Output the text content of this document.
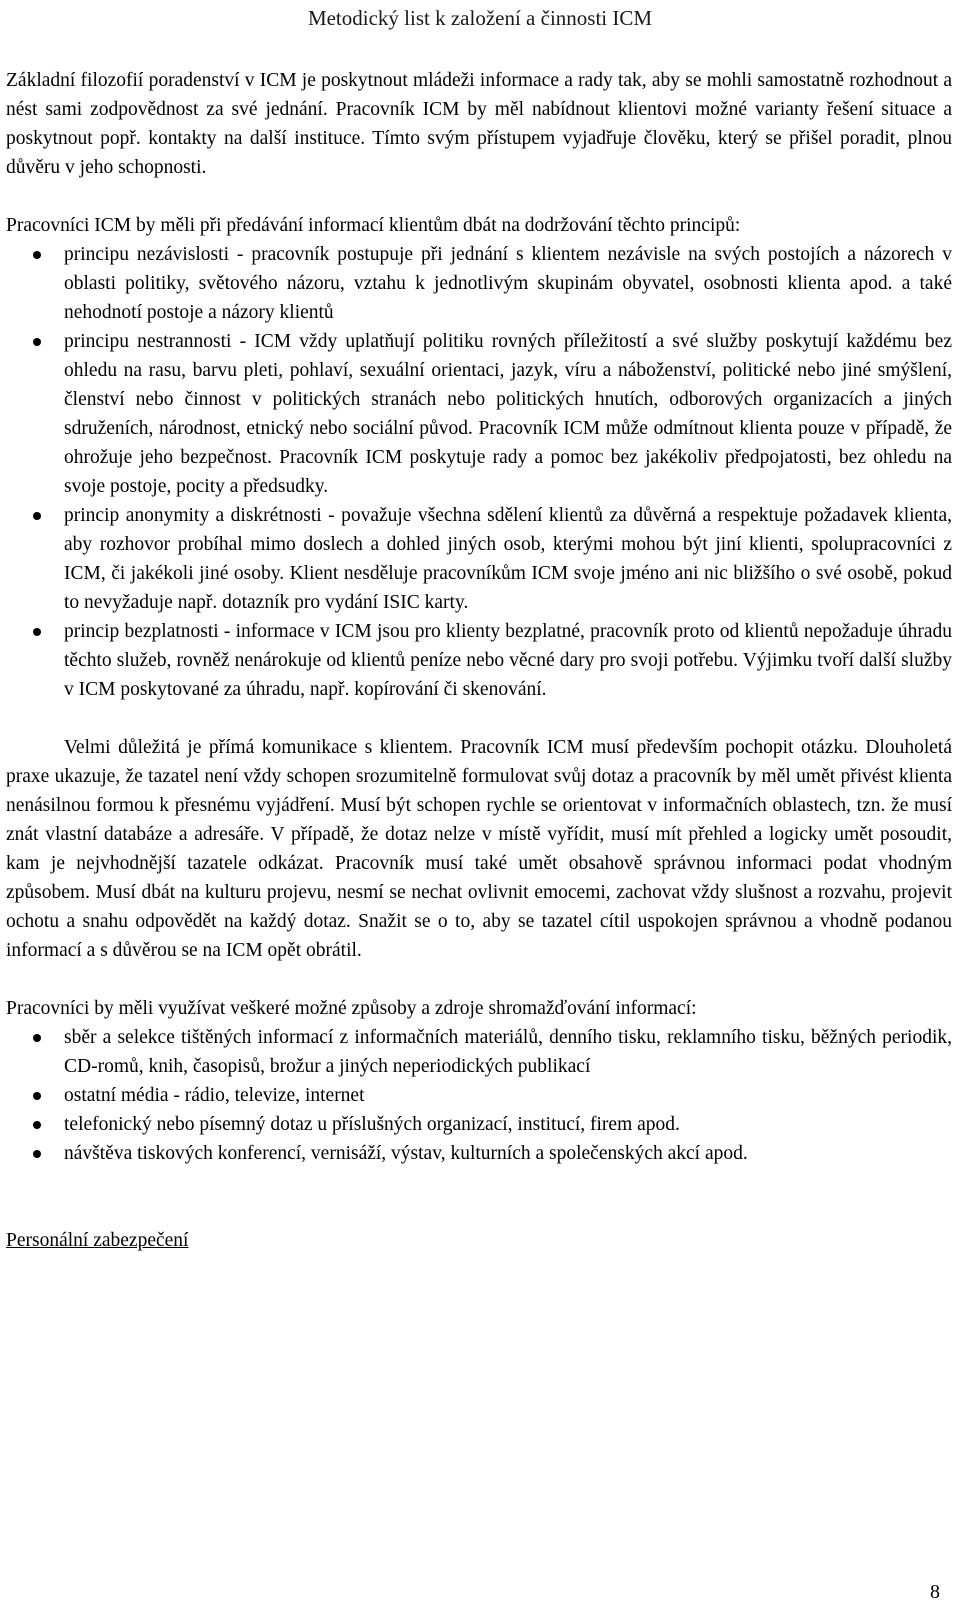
Metodický list k založení a činnosti ICM

Základní filozofií poradenství v ICM je poskytnout mládeži informace a rady tak, aby se mohli samostatně rozhodnout a nést sami zodpovědnost za své jednání. Pracovník ICM by měl nabídnout klientovi možné varianty řešení situace a poskytnout popř. kontakty na další instituce. Tímto svým přístupem vyjadřuje člověku, který se přišel poradit, plnou důvěru v jeho schopnosti.

Pracovníci ICM by měli při předávání informací klientům dbát na dodržování těchto principů:

principu nezávislosti - pracovník postupuje při jednání s klientem nezávisle na svých postojích a názorech v oblasti politiky, světového názoru, vztahu k jednotlivým skupinám obyvatel, osobnosti klienta apod. a také nehodnotí postoje a názory klientů
principu nestrannosti - ICM vždy uplatňují politiku rovných příležitostí a své služby poskytují každému bez ohledu na rasu, barvu pleti, pohlaví, sexuální orientaci, jazyk, víru a náboženství, politické nebo jiné smýšlení, členství nebo činnost v politických stranách nebo politických hnutích, odborových organizacích a jiných sdruženích, národnost, etnický nebo sociální původ. Pracovník ICM může odmítnout klienta pouze v případě, že ohrožuje jeho bezpečnost. Pracovník ICM poskytuje rady a pomoc bez jakékoliv předpojatosti, bez ohledu na svoje postoje, pocity a předsudky.
princip anonymity a diskrétnosti - považuje všechna sdělení klientů za důvěrná a respektuje požadavek klienta, aby rozhovor probíhal mimo doslech a dohled jiných osob, kterými mohou být jiní klienti, spolupracovníci z ICM, či jakékoli jiné osoby. Klient nesděluje pracovníkům ICM svoje jméno ani nic bližšího o své osobě, pokud to nevyžaduje např. dotazník pro vydání ISIC karty.
princip bezplatnosti - informace v ICM jsou pro klienty bezplatné, pracovník proto od klientů nepožaduje úhradu těchto služeb, rovněž nenárokuje od klientů peníze nebo věcné dary pro svoji potřebu. Výjimku tvoří další služby v ICM poskytované za úhradu, např. kopírování či skenování.

Velmi důležitá je přímá komunikace s klientem. Pracovník ICM musí především pochopit otázku. Dlouholetá praxe ukazuje, že tazatel není vždy schopen srozumitelně formulovat svůj dotaz a pracovník by měl umět přivést klienta nenásilnou formou k přesnému vyjádření. Musí být schopen rychle se orientovat v informačních oblastech, tzn. že musí znát vlastní databáze a adresáře. V případě, že dotaz nelze v místě vyřídit, musí mít přehled a logicky umět posoudit, kam je nejvhodnější tazatele odkázat. Pracovník musí také umět obsahově správnou informaci podat vhodným způsobem. Musí dbát na kulturu projevu, nesmí se nechat ovlivnit emocemi, zachovat vždy slušnost a rozvahu, projevit ochotu a snahu odpovědět na každý dotaz. Snažit se o to, aby se tazatel cítil uspokojen správnou a vhodně podanou informací a s důvěrou se na ICM opět obrátil.

Pracovníci by měli využívat veškeré možné způsoby a zdroje shromažďování informací:

sběr a selekce tištěných informací z informačních materiálů, denního tisku, reklamního tisku, běžných periodik, CD-romů, knih, časopisů, brožur a jiných neperiodických publikací
ostatní média - rádio, televize, internet
telefonický nebo písemný dotaz u příslušných organizací, institucí, firem apod.
návštěva tiskových konferencí, vernisáží, výstav, kulturních a společenských akcí apod.

Personální zabezpečení

8
